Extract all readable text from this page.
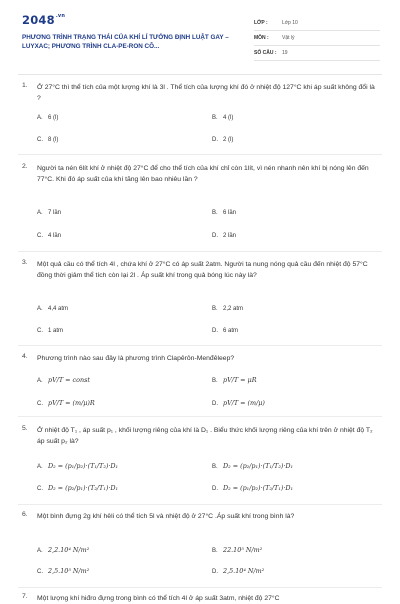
$2048^{.vn}$
PHƯƠNG TRÌNH TRẠNG THÁI CỦA KHÍ LÍ TƯỞNG ĐỊNH LUẬT GAY – LUYXAC; PHƯƠNG TRÌNH CLA-PE-RON CÔ...
LỚP :	Lớp 10
MÔN :	Vật lý
SỐ CÂU : 19
1. Ở 27°C thì thể tích của một lượng khí là 3l . Thể tích của lượng khí đó ở nhiệt độ 127°C khi áp suất không đổi là ?
A. 6 (l)	B. 4 (l)
C. 8 (l)	D. 2 (l)
2. Người ta nén 6lít khí ở nhiệt độ 27°C để cho thể tích của khí chỉ còn 1lít, vì nén nhanh nên khí bị nóng lên đến 77°C. Khi đó áp suất của khí tăng lên bao nhiêu lần ?
A. 7 lần	B. 6 lần
C. 4 lần	D. 2 lần
3. Một quả cầu có thể tích 4l , chứa khí ở 27°C có áp suất 2atm. Người ta nung nóng quả cầu đến nhiệt độ 57°C đồng thời giảm thể tích còn lại 2l . Áp suất khí trong quả bóng lúc này là?
A. 4,4 atm	B. 2,2 atm
C. 1 atm	D. 6 atm
4. Phương trình nào sau đây là phương trình Clapêrôn-Menđêleep?
A. pV/T = const	B. pV/T = μR
C. pV/T = (m/μ)R	D. pV/T = (m/μ)
5. Ở nhiệt độ T₁ , áp suất p₁ , khối lượng riêng của khí là D₁ . Biểu thức khối lượng riêng của khí trên ở nhiệt độ T₂ áp suất p₂ là?
A. D₂ = (p₁/p₂)·(T₁/T₂)·D₁	B. D₂ = (p₂/p₁)·(T₁/T₂)·D₁
C. D₂ = (p₂/p₁)·(T₂/T₁)·D₁	D. D₂ = (p₁/p₂)·(T₂/T₁)·D₁
6. Một bình đựng 2g khí hêli có thể tích 5l và nhiệt độ ở 27°C .Áp suất khí trong bình là?
A. 2,2.10⁴ N/m²	B. 22.10⁵ N/m²
C. 2,5.10⁵ N/m²	D. 2,5.10⁴ N/m²
7. Một lượng khí hiđro đựng trong bình có thể tích 4l ở áp suất 3atm, nhiệt độ 27°C
